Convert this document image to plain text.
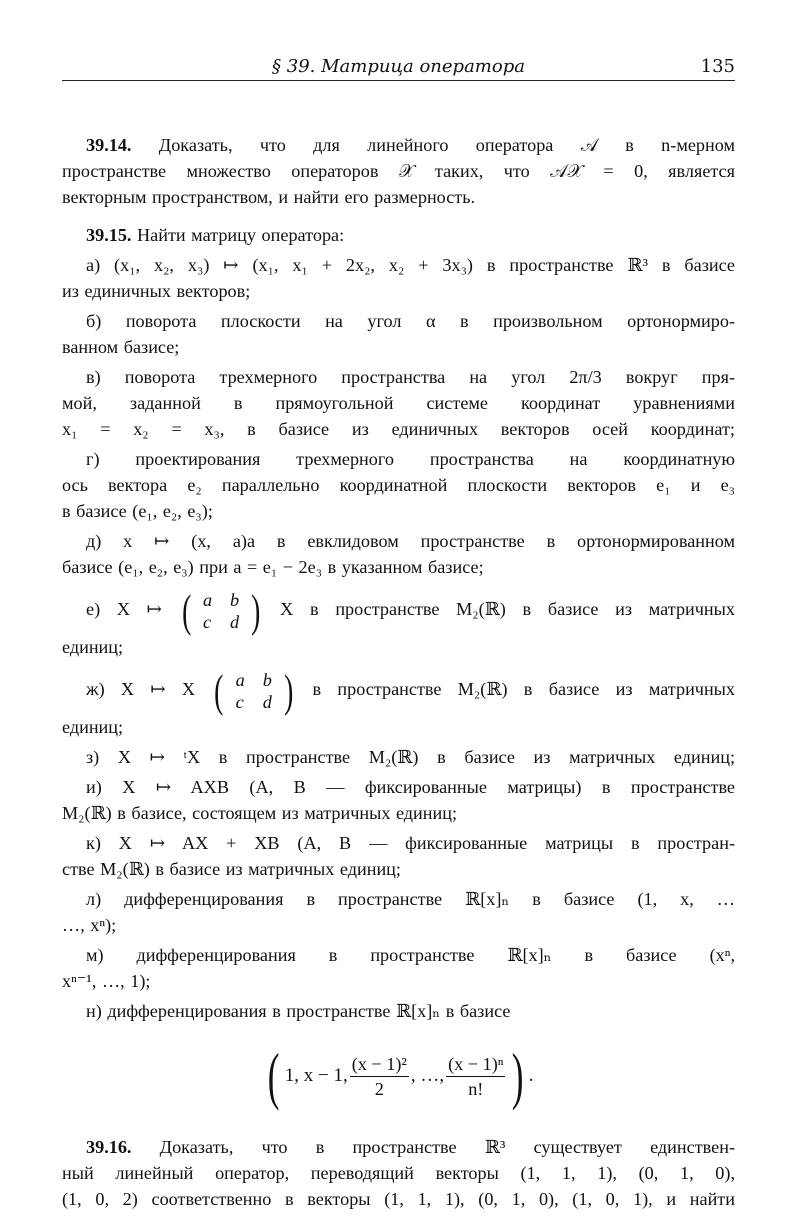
§ 39. Матрица оператора	135
39.14. Доказать, что для линейного оператора 𝒜 в n-мерном
пространстве множество операторов 𝒳 таких, что 𝒜𝒳 = 0, является
векторным пространством, и найти его размерность.
39.15. Найти матрицу оператора:
а) (x₁, x₂, x₃) ↦ (x₁, x₁ + 2x₂, x₂ + 3x₃) в пространстве ℝ³ в базисе
из единичных векторов;
б) поворота плоскости на угол α в произвольном ортонормиро-
ванном базисе;
в) поворота трехмерного пространства на угол 2π/3 вокруг пря-
мой, заданной в прямоугольной системе координат уравнениями
x₁ = x₂ = x₃, в базисе из единичных векторов осей координат;
г) проектирования трехмерного пространства на координатную
ось вектора e₂ параллельно координатной плоскости векторов e₁ и e₃
в базисе (e₁, e₂, e₃);
д) x ↦ (x, a)a в евклидовом пространстве в ортонормированном
базисе (e₁, e₂, e₃) при a = e₁ − 2e₃ в указанном базисе;
е) X ↦ ( a	b
c	d ) X в пространстве M₂(ℝ) в базисе из матричных
единиц;
ж) X ↦ X ( a	b
c	d ) в пространстве M₂(ℝ) в базисе из матричных
единиц;
з) X ↦ ᵗX в пространстве M₂(ℝ) в базисе из матричных единиц;
и) X ↦ AXB (A, B — фиксированные матрицы) в пространстве
M₂(ℝ) в базисе, состоящем из матричных единиц;
к) X ↦ AX + XB (A, B — фиксированные матрицы в простран-
стве M₂(ℝ) в базисе из матричных единиц;
л) дифференцирования в пространстве ℝ[x]ₙ в базисе (1, x, …
…, xⁿ);
м) дифференцирования в пространстве ℝ[x]ₙ в базисе (xⁿ,
xⁿ⁻¹, …, 1);
н) дифференцирования в пространстве ℝ[x]ₙ в базисе
( 1, x − 1, $\frac{\text{(x − 1)²}}{2}$ , …, $\frac{\text{(x − 1)ⁿ}}{n!}$ ) .
39.16. Доказать, что в пространстве ℝ³ существует единствен-
ный линейный оператор, переводящий векторы (1, 1, 1), (0, 1, 0),
(1, 0, 2) соответственно в векторы (1, 1, 1), (0, 1, 0), (1, 0, 1), и найти
